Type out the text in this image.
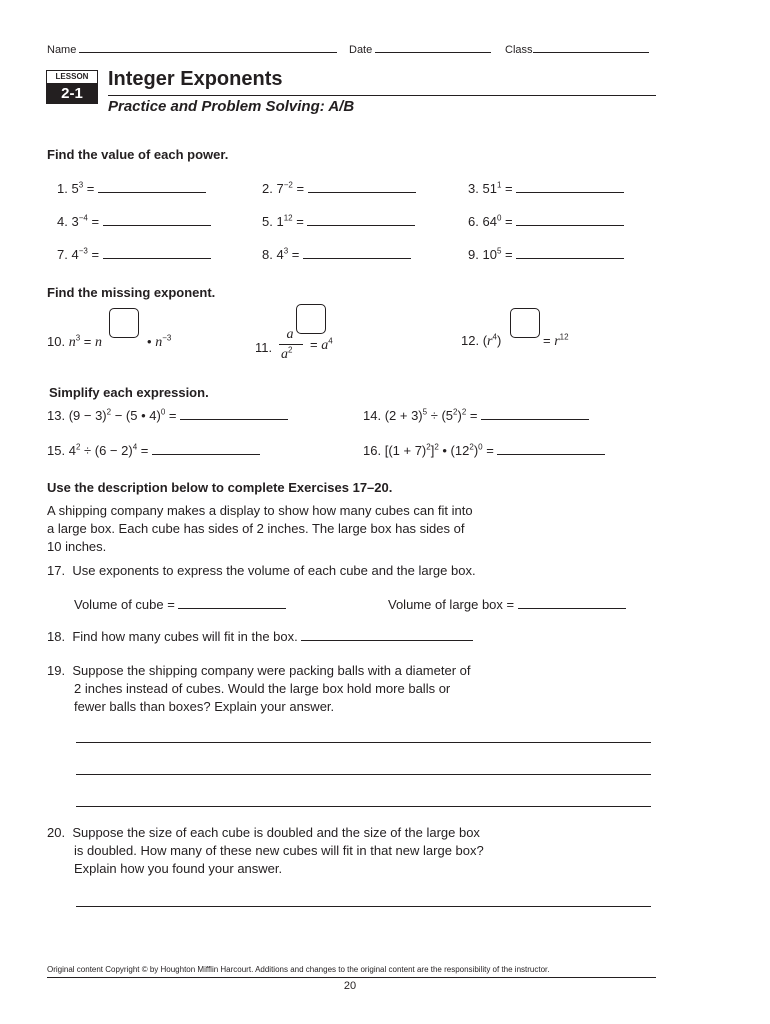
Name	Date	Class
LESSON
2-1
Integer Exponents
Practice and Problem Solving: A/B
Find the value of each power.
1. $5^3$ =	2. $7^{-2}$ =	3. $51^1$ =
4. $3^{-4}$ =	5. $1^{12}$ =	6. $64^0$ =
7. $4^{-3}$ =	8. $4^3$ =	9. $10^5$ =
Find the missing exponent.
10. $n^3 = n$	• $n^{-3}$
11.
a
$a^2 = a^4$	12. $(r^4)$	= $r^{12}$
Simplify each expression.
13. $(9 - 3)^2 - (5$ • 4)$^0$ =	14. $(2 + 3)^5 \div (5^2)^2$ =
15. $4^2 \div (6 - 2)^4$ =	16. $[(1 + 7)^2]^2$ • $(12^2)^0$ =
Use the description below to complete Exercises 17–20.
A shipping company makes a display to show how many cubes can fit into
a large box. Each cube has sides of 2 inches. The large box has sides of
10 inches.
17. Use exponents to express the volume of each cube and the large box.
Volume of cube =	Volume of large box =
18. Find how many cubes will fit in the box.
19. Suppose the shipping company were packing balls with a diameter of
2 inches instead of cubes. Would the large box hold more balls or
fewer balls than boxes? Explain your answer.
20. Suppose the size of each cube is doubled and the size of the large box
is doubled. How many of these new cubes will fit in that new large box?
Explain how you found your answer.
Original content Copyright © by Houghton Mifflin Harcourt. Additions and changes to the original content are the responsibility of the instructor.
20
